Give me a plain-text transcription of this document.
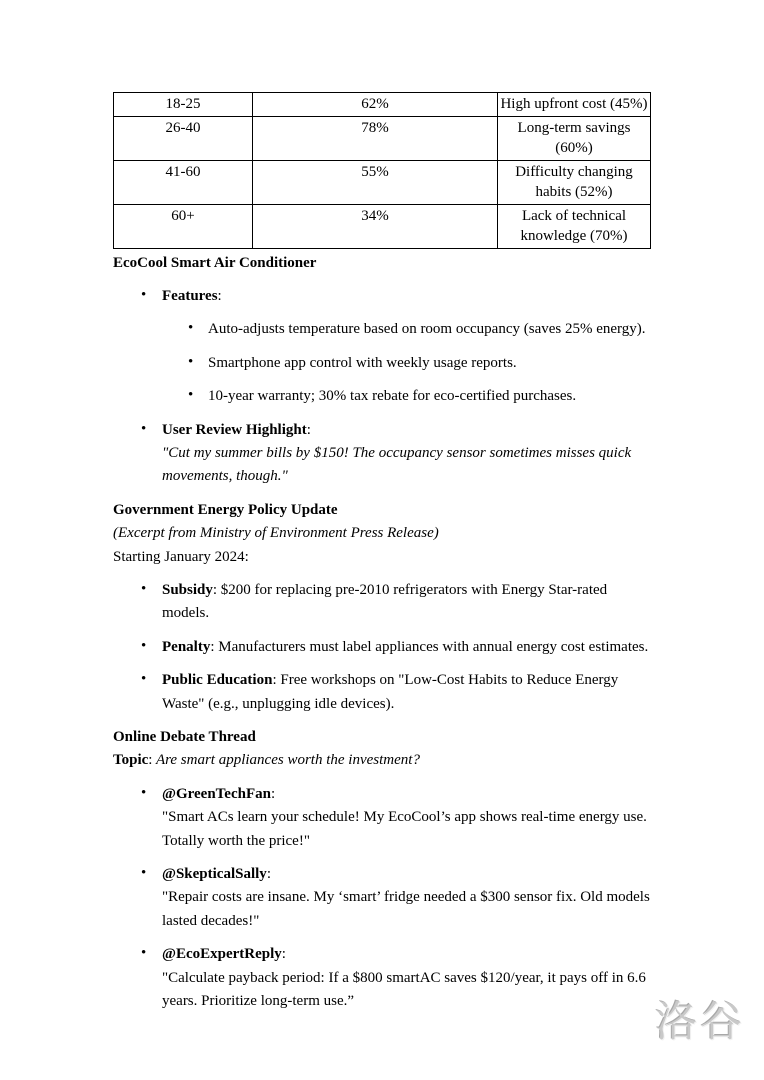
18-25	62%	High upfront cost (45%)
26-40	78%	Long-term savings (60%)
41-60	55%	Difficulty changing habits (52%)
60+	34%	Lack of technical knowledge (70%)
EcoCool Smart Air Conditioner
• Features:
• Auto-adjusts temperature based on room occupancy (saves 25% energy).
• Smartphone app control with weekly usage reports.
• 10-year warranty; 30% tax rebate for eco-certified purchases.
• User Review Highlight:
"Cut my summer bills by $150! The occupancy sensor sometimes misses quick movements, though."
Government Energy Policy Update
(Excerpt from Ministry of Environment Press Release)
Starting January 2024:
• Subsidy: $200 for replacing pre-2010 refrigerators with Energy Star-rated models.
• Penalty: Manufacturers must label appliances with annual energy cost estimates.
• Public Education: Free workshops on "Low-Cost Habits to Reduce Energy Waste" (e.g., unplugging idle devices).
Online Debate Thread
Topic: Are smart appliances worth the investment?
• @GreenTechFan:
"Smart ACs learn your schedule! My EcoCool’s app shows real-time energy use. Totally worth the price!"
• @SkepticalSally:
"Repair costs are insane. My ‘smart’ fridge needed a $300 sensor fix. Old models lasted decades!"
• @EcoExpertReply:
"Calculate payback period: If a $800 smartAC saves $120/year, it pays off in 6.6 years. Prioritize long-term use.”	洛谷
